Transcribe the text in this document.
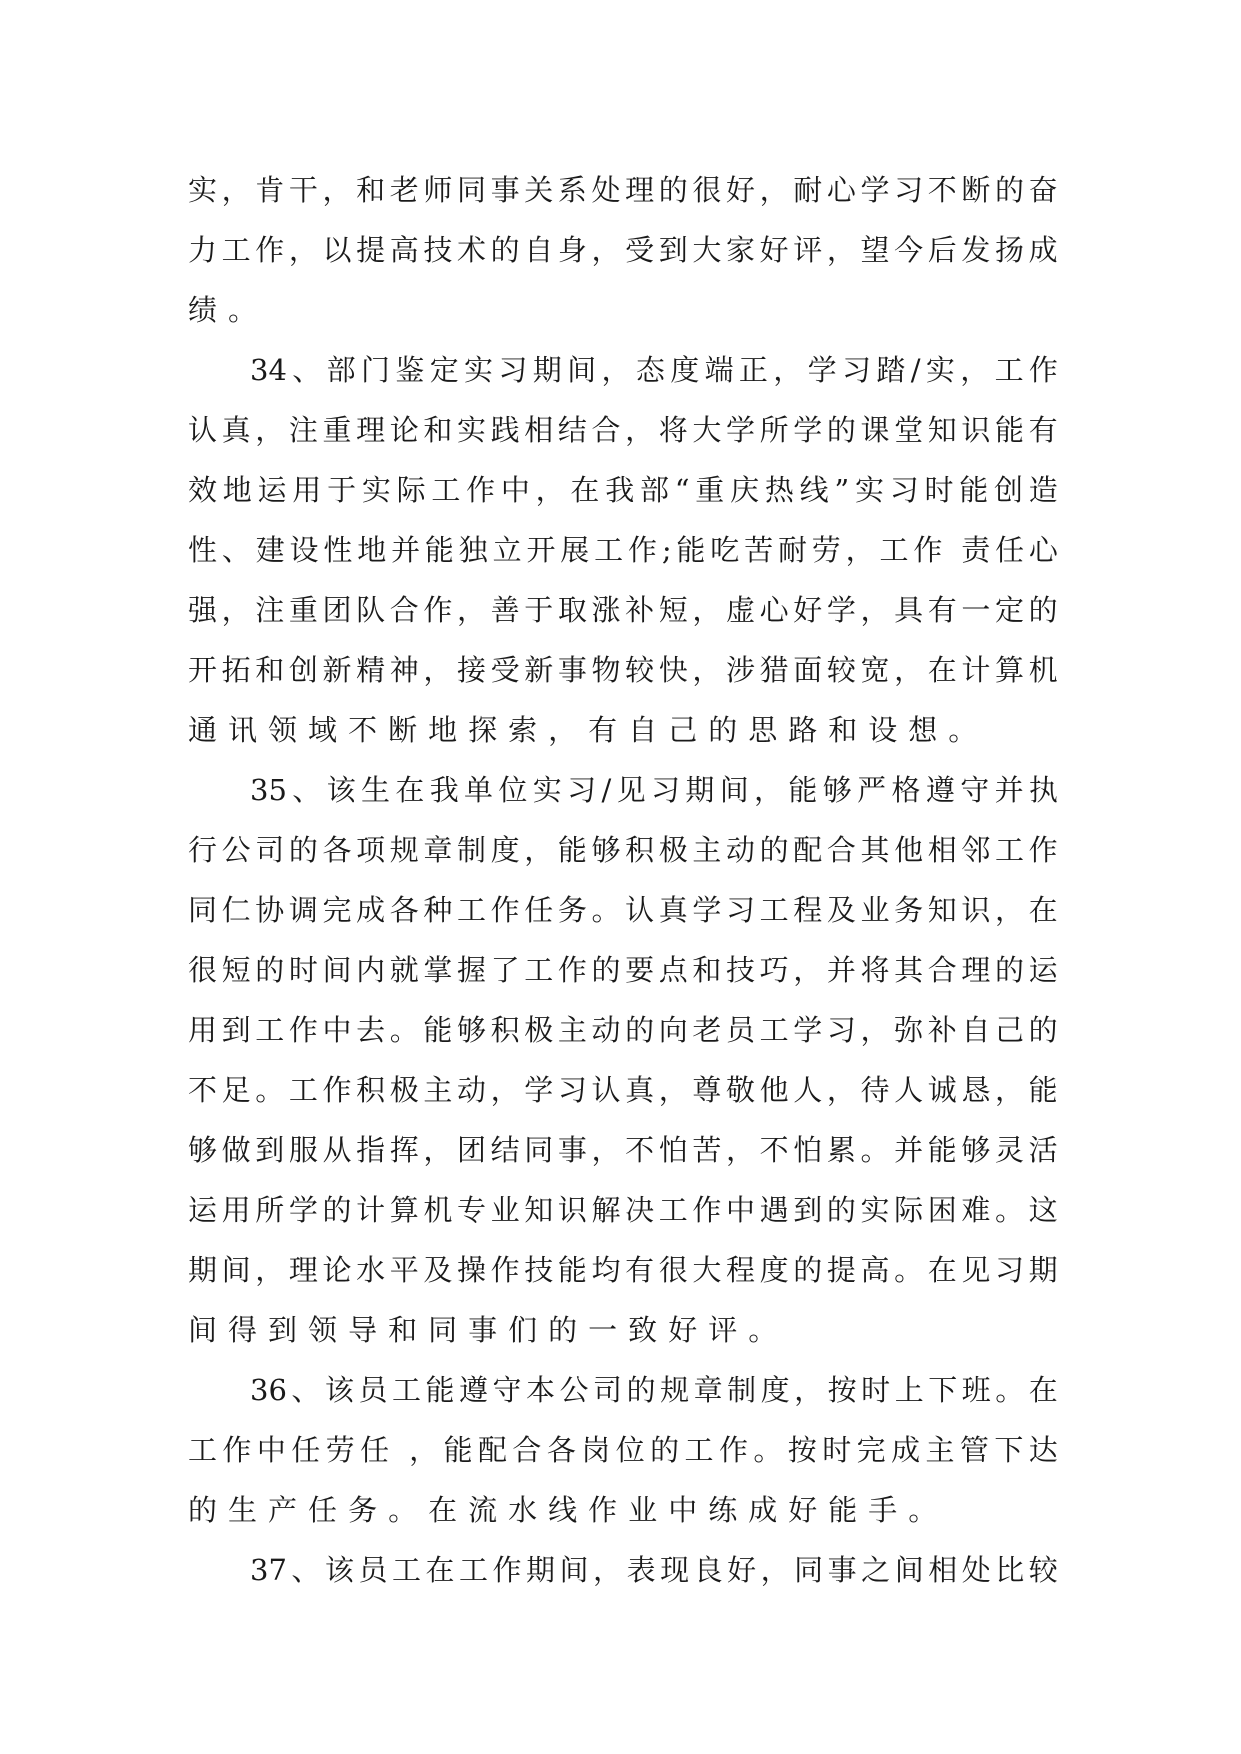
实 ， 肯 干 ， 和 老 师 同 事 关 系 处 理 的 很 好 ， 耐 心 学 习 不 断 的 奋
力 工 作 ， 以 提 高 技 术 的 自 身 ， 受 到 大 家 好 评 ， 望 今 后 发 扬 成
绩 。
34 、 部 门 鉴 定 实 习 期 间 ， 态 度 端 正 ， 学 习 踏 / 实 ， 工 作
认 真 ， 注 重 理 论 和 实 践 相 结 合 ， 将 大 学 所 学 的 课 堂 知 识 能 有
效 地 运 用 于 实 际 工 作 中 ， 在 我 部 “ 重 庆 热 线 ” 实 习 时 能 创 造
性 、 建 设 性 地 并 能 独 立 开 展 工 作 ; 能 吃 苦 耐 劳 ， 工 作
责 任 心
强 ， 注 重 团 队 合 作 ， 善 于 取 涨 补 短 ， 虚 心 好 学 ， 具 有 一 定 的
开 拓 和 创 新 精 神 ， 接 受 新 事 物 较 快 ， 涉 猎 面 较 宽 ， 在 计 算 机
通 讯 领 域 不 断 地 探 索 ， 有 自 己 的 思 路 和 设 想 。
35 、 该 生 在 我 单 位 实 习 / 见 习 期 间 ， 能 够 严 格 遵 守 并 执
行 公 司 的 各 项 规 章 制 度 ， 能 够 积 极 主 动 的 配 合 其 他 相 邻 工 作
同 仁 协 调 完 成 各 种 工 作 任 务 。 认 真 学 习 工 程 及 业 务 知 识 ， 在
很 短 的 时 间 内 就 掌 握 了 工 作 的 要 点 和 技 巧 ， 并 将 其 合 理 的 运
用 到 工 作 中 去 。 能 够 积 极 主 动 的 向 老 员 工 学 习 ， 弥 补 自 己 的
不 足 。 工 作 积 极 主 动 ， 学 习 认 真 ， 尊 敬 他 人 ， 待 人 诚 恳 ， 能
够 做 到 服 从 指 挥 ， 团 结 同 事 ， 不 怕 苦 ， 不 怕 累 。 并 能 够 灵 活
运 用 所 学 的 计 算 机 专 业 知 识 解 决 工 作 中 遇 到 的 实 际 困 难 。 这
期 间 ， 理 论 水 平 及 操 作 技 能 均 有 很 大 程 度 的 提 高 。 在 见 习 期
间 得 到 领 导 和 同 事 们 的 一 致 好 评 。
36 、 该 员 工 能 遵 守 本 公 司 的 规 章 制 度 ， 按 时 上 下 班 。 在
工 作 中 任 劳 任
， 能 配 合 各 岗 位 的 工 作 。 按 时 完 成 主 管 下 达
的 生 产 任 务 。 在 流 水 线 作 业 中 练 成 好 能 手 。
37 、 该 员 工 在 工 作 期 间 ， 表 现 良 好 ， 同 事 之 间 相 处 比 较
